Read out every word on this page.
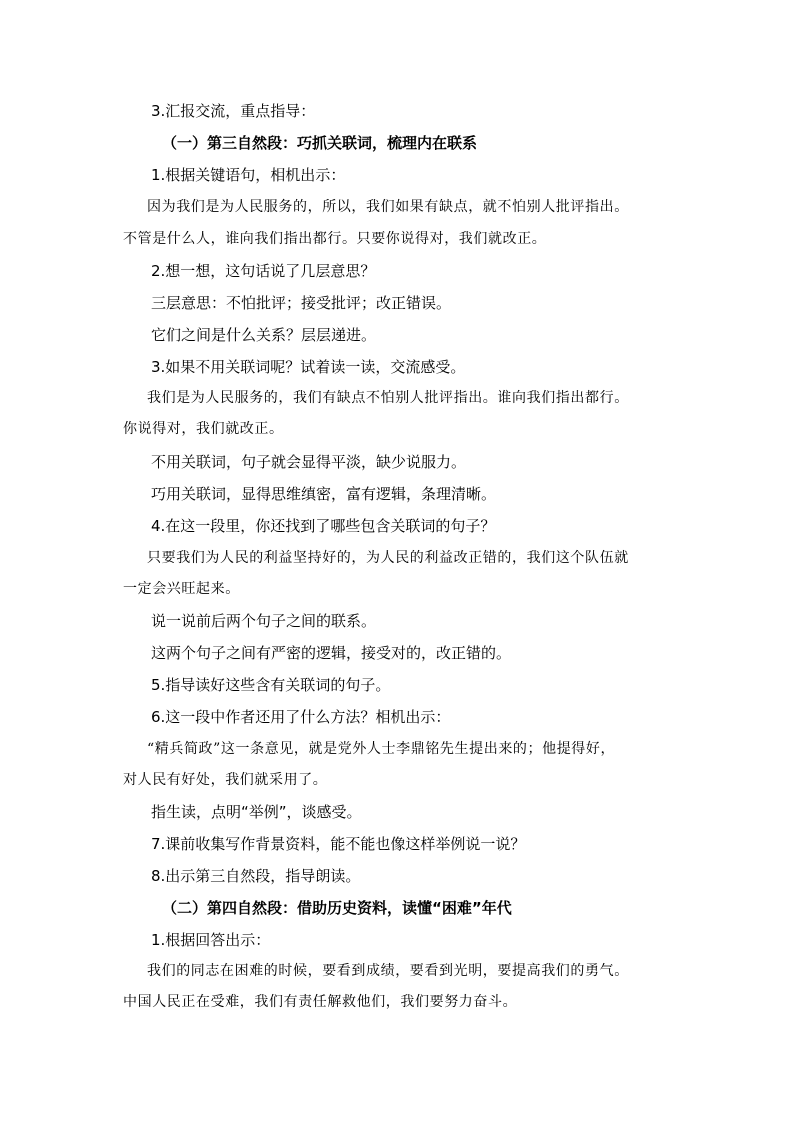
3.汇报交流，重点指导：
（一）第三自然段：巧抓关联词，梳理内在联系
1.根据关键语句，相机出示：
因为我们是为人民服务的，所以，我们如果有缺点，就不怕别人批评指出。
不管是什么人，谁向我们指出都行。只要你说得对，我们就改正。
2.想一想，这句话说了几层意思？
三层意思：不怕批评；接受批评；改正错误。
它们之间是什么关系？层层递进。
3.如果不用关联词呢？试着读一读，交流感受。
我们是为人民服务的，我们有缺点不怕别人批评指出。谁向我们指出都行。
你说得对，我们就改正。
不用关联词，句子就会显得平淡，缺少说服力。
巧用关联词，显得思维缜密，富有逻辑，条理清晰。
4.在这一段里，你还找到了哪些包含关联词的句子？
只要我们为人民的利益坚持好的，为人民的利益改正错的，我们这个队伍就
一定会兴旺起来。
说一说前后两个句子之间的联系。
这两个句子之间有严密的逻辑，接受对的，改正错的。
5.指导读好这些含有关联词的句子。
6.这一段中作者还用了什么方法？相机出示：
“精兵简政”这一条意见，就是党外人士李鼎铭先生提出来的；他提得好，
对人民有好处，我们就采用了。
指生读，点明“举例”，谈感受。
7.课前收集写作背景资料，能不能也像这样举例说一说？
8.出示第三自然段，指导朗读。
（二）第四自然段：借助历史资料，读懂“困难”年代
1.根据回答出示：
我们的同志在困难的时候，要看到成绩，要看到光明，要提高我们的勇气。
中国人民正在受难，我们有责任解救他们，我们要努力奋斗。
